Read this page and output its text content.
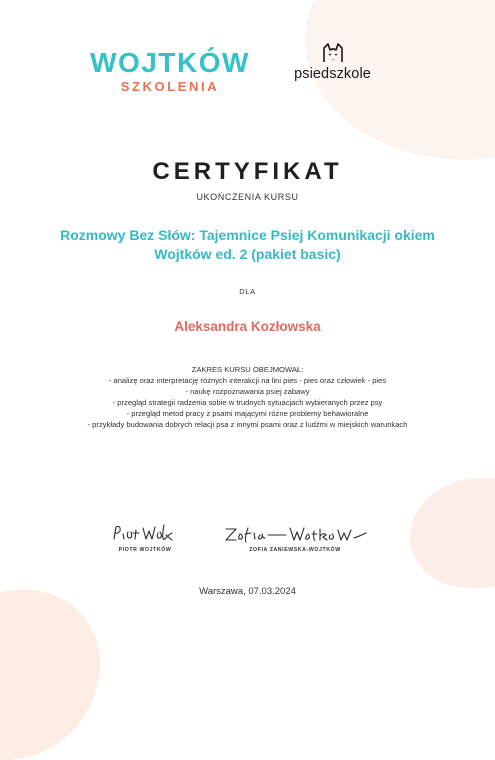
WOJTKÓW
SZKOLENIA
psiedszkole
CERTYFIKAT
UKOŃCZENIA KURSU
Rozmowy Bez Słów: Tajemnice Psiej Komunikacji okiem
Wojtków ed. 2 (pakiet basic)
DLA
Aleksandra Kozłowska
ZAKRES KURSU OBEJMOWAŁ:
- analizę oraz interpretację różnych interakcji na lini pies - pies oraz człowiek - pies
- naukę rozpoznawania psiej zabawy
- przegląd strategii radzenia sobie w trudnych sytuacjach wybieranych przez psy
- przegląd metod pracy z psami mającymi różne problemy behawioralne
- przykłady budowania dobrych relacji psa z innymi psami oraz z ludźmi w miejskich warunkach
PIOTR WOJTKÓW	ZOFIA ZANIEWSKA-WOJTKÓW
Warszawa, 07.03.2024
